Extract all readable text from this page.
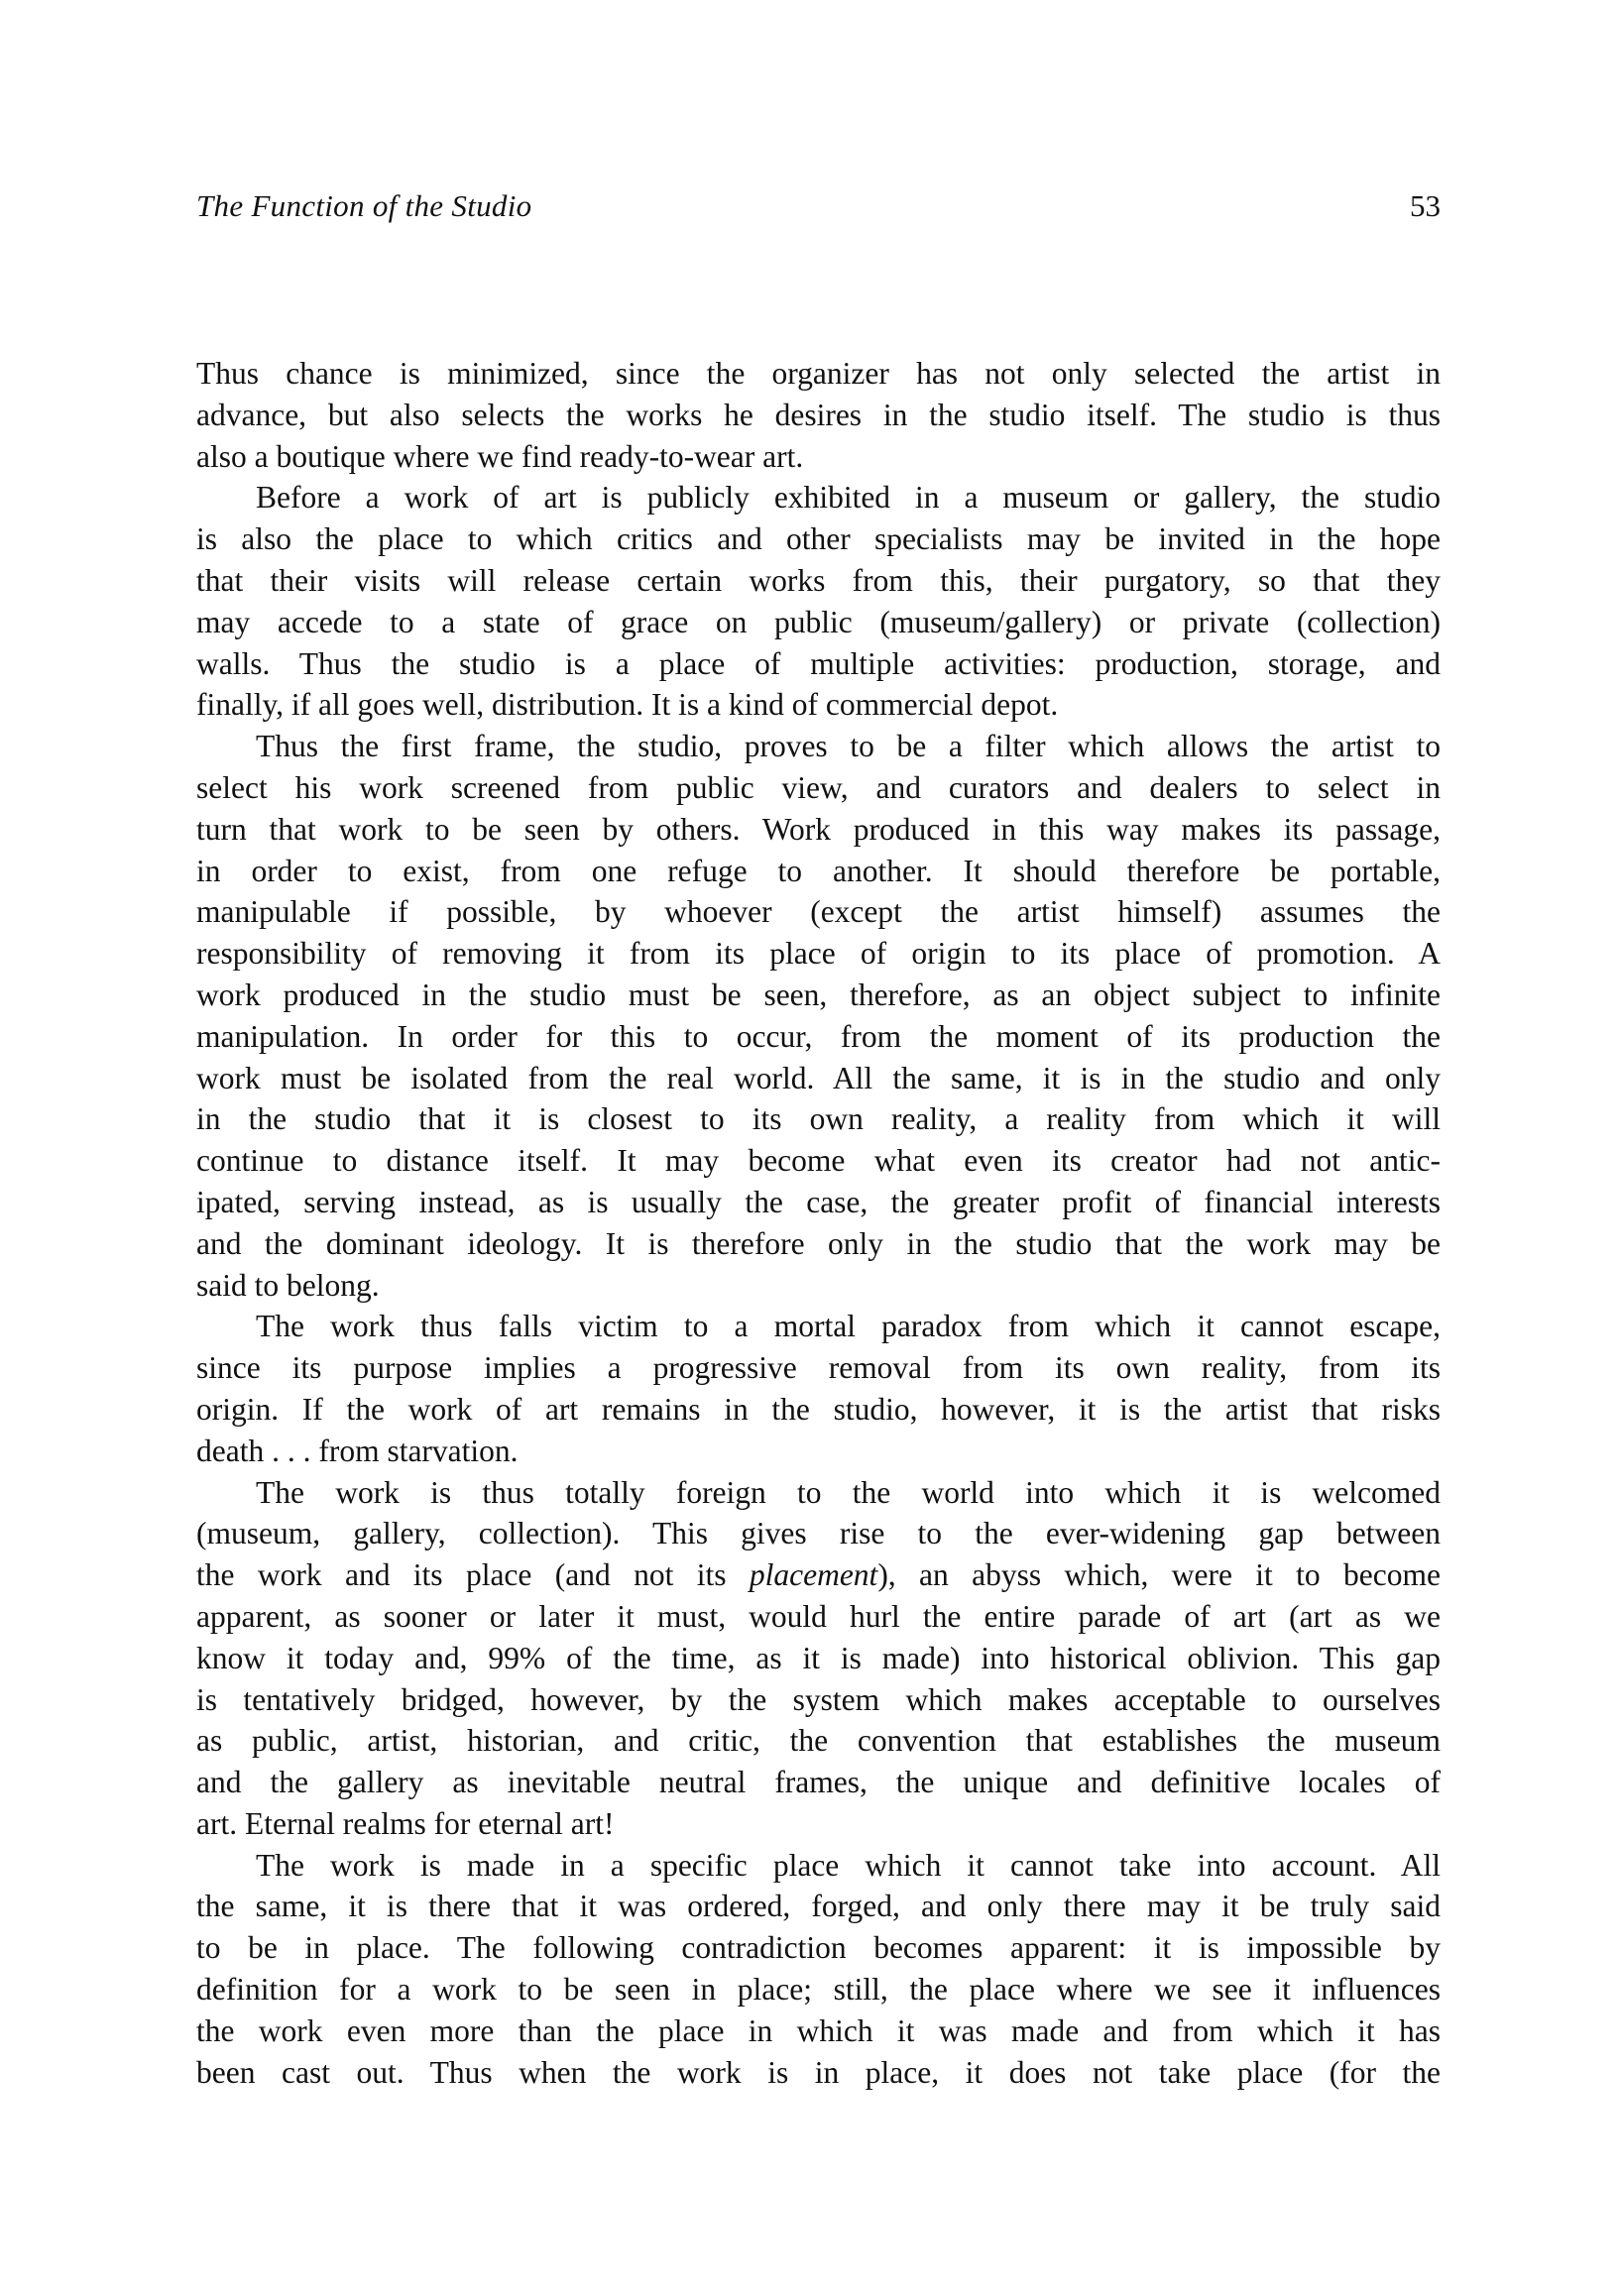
The Function of the Studio	53

Thus chance is minimized, since the organizer has not only selected the artist in
advance, but also selects the works he desires in the studio itself. The studio is thus
also a boutique where we find ready-to-wear art.

Before a work of art is publicly exhibited in a museum or gallery, the studio
is also the place to which critics and other specialists may be invited in the hope
that their visits will release certain works from this, their purgatory, so that they
may accede to a state of grace on public (museum/gallery) or private (collection)
walls. Thus the studio is a place of multiple activities: production, storage, and
finally, if all goes well, distribution. It is a kind of commercial depot.

Thus the first frame, the studio, proves to be a filter which allows the artist to
select his work screened from public view, and curators and dealers to select in
turn that work to be seen by others. Work produced in this way makes its passage,
in order to exist, from one refuge to another. It should therefore be portable,
manipulable if possible, by whoever (except the artist himself) assumes the
responsibility of removing it from its place of origin to its place of promotion. A
work produced in the studio must be seen, therefore, as an object subject to infinite
manipulation. In order for this to occur, from the moment of its production the
work must be isolated from the real world. All the same, it is in the studio and only
in the studio that it is closest to its own reality, a reality from which it will
continue to distance itself. It may become what even its creator had not antic-
ipated, serving instead, as is usually the case, the greater profit of financial interests
and the dominant ideology. It is therefore only in the studio that the work may be
said to belong.

The work thus falls victim to a mortal paradox from which it cannot escape,
since its purpose implies a progressive removal from its own reality, from its
origin. If the work of art remains in the studio, however, it is the artist that risks
death . . . from starvation.

The work is thus totally foreign to the world into which it is welcomed
(museum, gallery, collection). This gives rise to the ever-widening gap between
the work and its place (and not its placement), an abyss which, were it to become
apparent, as sooner or later it must, would hurl the entire parade of art (art as we
know it today and, 99% of the time, as it is made) into historical oblivion. This gap
is tentatively bridged, however, by the system which makes acceptable to ourselves
as public, artist, historian, and critic, the convention that establishes the museum
and the gallery as inevitable neutral frames, the unique and definitive locales of
art. Eternal realms for eternal art!

The work is made in a specific place which it cannot take into account. All
the same, it is there that it was ordered, forged, and only there may it be truly said
to be in place. The following contradiction becomes apparent: it is impossible by
definition for a work to be seen in place; still, the place where we see it influences
the work even more than the place in which it was made and from which it has
been cast out. Thus when the work is in place, it does not take place (for the
